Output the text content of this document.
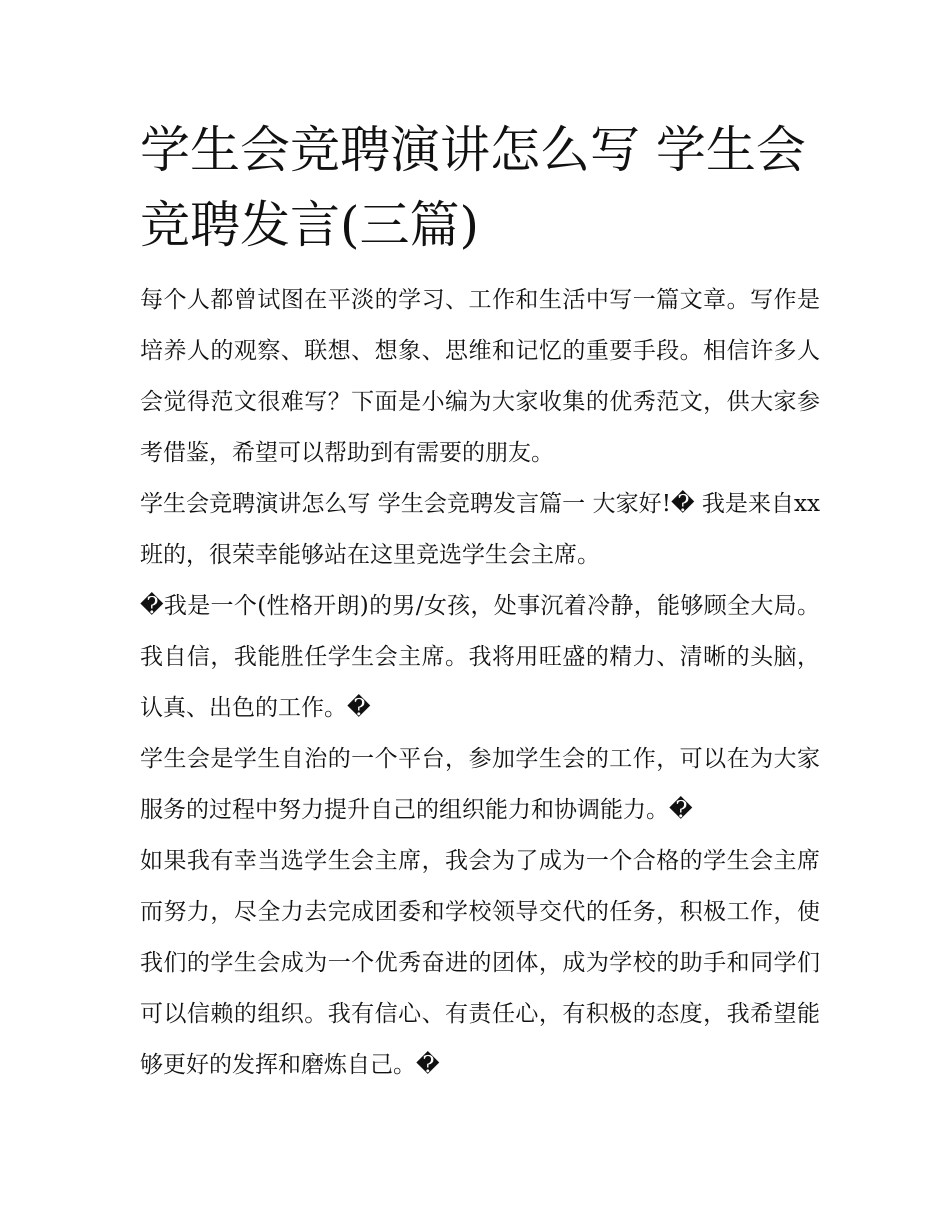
学生会竞聘演讲怎么写 学生会竞聘发言(三篇)

每个人都曾试图在平淡的学习、工作和生活中写一篇文章。写作是培养人的观察、联想、想象、思维和记忆的重要手段。相信许多人会觉得范文很难写？下面是小编为大家收集的优秀范文，供大家参考借鉴，希望可以帮助到有需要的朋友。

学生会竞聘演讲怎么写 学生会竞聘发言篇一 大家好!� 我是来自xx班的，很荣幸能够站在这里竞选学生会主席。

�我是一个(性格开朗)的男/女孩，处事沉着冷静，能够顾全大局。我自信，我能胜任学生会主席。我将用旺盛的精力、清晰的头脑，认真、出色的工作。�

学生会是学生自治的一个平台，参加学生会的工作，可以在为大家服务的过程中努力提升自己的组织能力和协调能力。�

如果我有幸当选学生会主席，我会为了成为一个合格的学生会主席而努力，尽全力去完成团委和学校领导交代的任务，积极工作，使我们的学生会成为一个优秀奋进的团体，成为学校的助手和同学们可以信赖的组织。我有信心、有责任心，有积极的态度，我希望能够更好的发挥和磨炼自己。�
